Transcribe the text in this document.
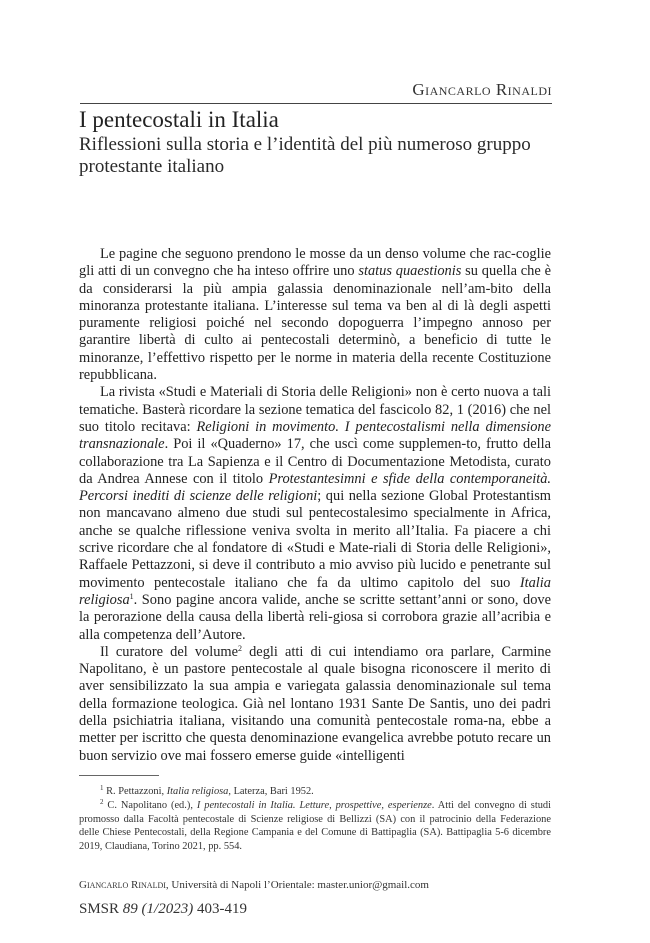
Giancarlo Rinaldi
I pentecostali in Italia
Riflessioni sulla storia e l’identità del più numeroso gruppo protestante italiano

Le pagine che seguono prendono le mosse da un denso volume che rac-coglie gli atti di un convegno che ha inteso offrire uno status quaestionis su quella che è da considerarsi la più ampia galassia denominazionale nell’am-bito della minoranza protestante italiana. L’interesse sul tema va ben al di là degli aspetti puramente religiosi poiché nel secondo dopoguerra l’impegno annoso per garantire libertà di culto ai pentecostali determinò, a beneficio di tutte le minoranze, l’effettivo rispetto per le norme in materia della recente Costituzione repubblicana.

La rivista «Studi e Materiali di Storia delle Religioni» non è certo nuova a tali tematiche. Basterà ricordare la sezione tematica del fascicolo 82, 1 (2016) che nel suo titolo recitava: Religioni in movimento. I pentecostalismi nella dimensione transnazionale. Poi il «Quaderno» 17, che uscì come supplemen-to, frutto della collaborazione tra La Sapienza e il Centro di Documentazione Metodista, curato da Andrea Annese con il titolo Protestantesimni e sfide della contemporaneità. Percorsi inediti di scienze delle religioni; qui nella sezione Global Protestantism non mancavano almeno due studi sul pentecostalesimo specialmente in Africa, anche se qualche riflessione veniva svolta in merito all’Italia. Fa piacere a chi scrive ricordare che al fondatore di «Studi e Mate-riali di Storia delle Religioni», Raffaele Pettazzoni, si deve il contributo a mio avviso più lucido e penetrante sul movimento pentecostale italiano che fa da ultimo capitolo del suo Italia religiosa$^1$. Sono pagine ancora valide, anche se scritte settant’anni or sono, dove la perorazione della causa della libertà reli-giosa si corrobora grazie all’acribia e alla competenza dell’Autore.

Il curatore del volume$^2$ degli atti di cui intendiamo ora parlare, Carmine Napolitano, è un pastore pentecostale al quale bisogna riconoscere il merito di aver sensibilizzato la sua ampia e variegata galassia denominazionale sul tema della formazione teologica. Già nel lontano 1931 Sante De Santis, uno dei padri della psichiatria italiana, visitando una comunità pentecostale roma-na, ebbe a metter per iscritto che questa denominazione evangelica avrebbe potuto recare un buon servizio ove mai fossero emerse guide «intelligenti

$^1$ R. Pettazzoni, Italia religiosa, Laterza, Bari 1952.

$^2$ C. Napolitano (ed.), I pentecostali in Italia. Letture, prospettive, esperienze. Atti del convegno di studi promosso dalla Facoltà pentecostale di Scienze religiose di Bellizzi (SA) con il patrocinio della Federazione delle Chiese Pentecostali, della Regione Campania e del Comune di Battipaglia (SA). Battipaglia 5-6 dicembre 2019, Claudiana, Torino 2021, pp. 554.

Giancarlo Rinaldi, Università di Napoli l’Orientale: master.unior@gmail.com
SMSR 89 (1/2023) 403-419
